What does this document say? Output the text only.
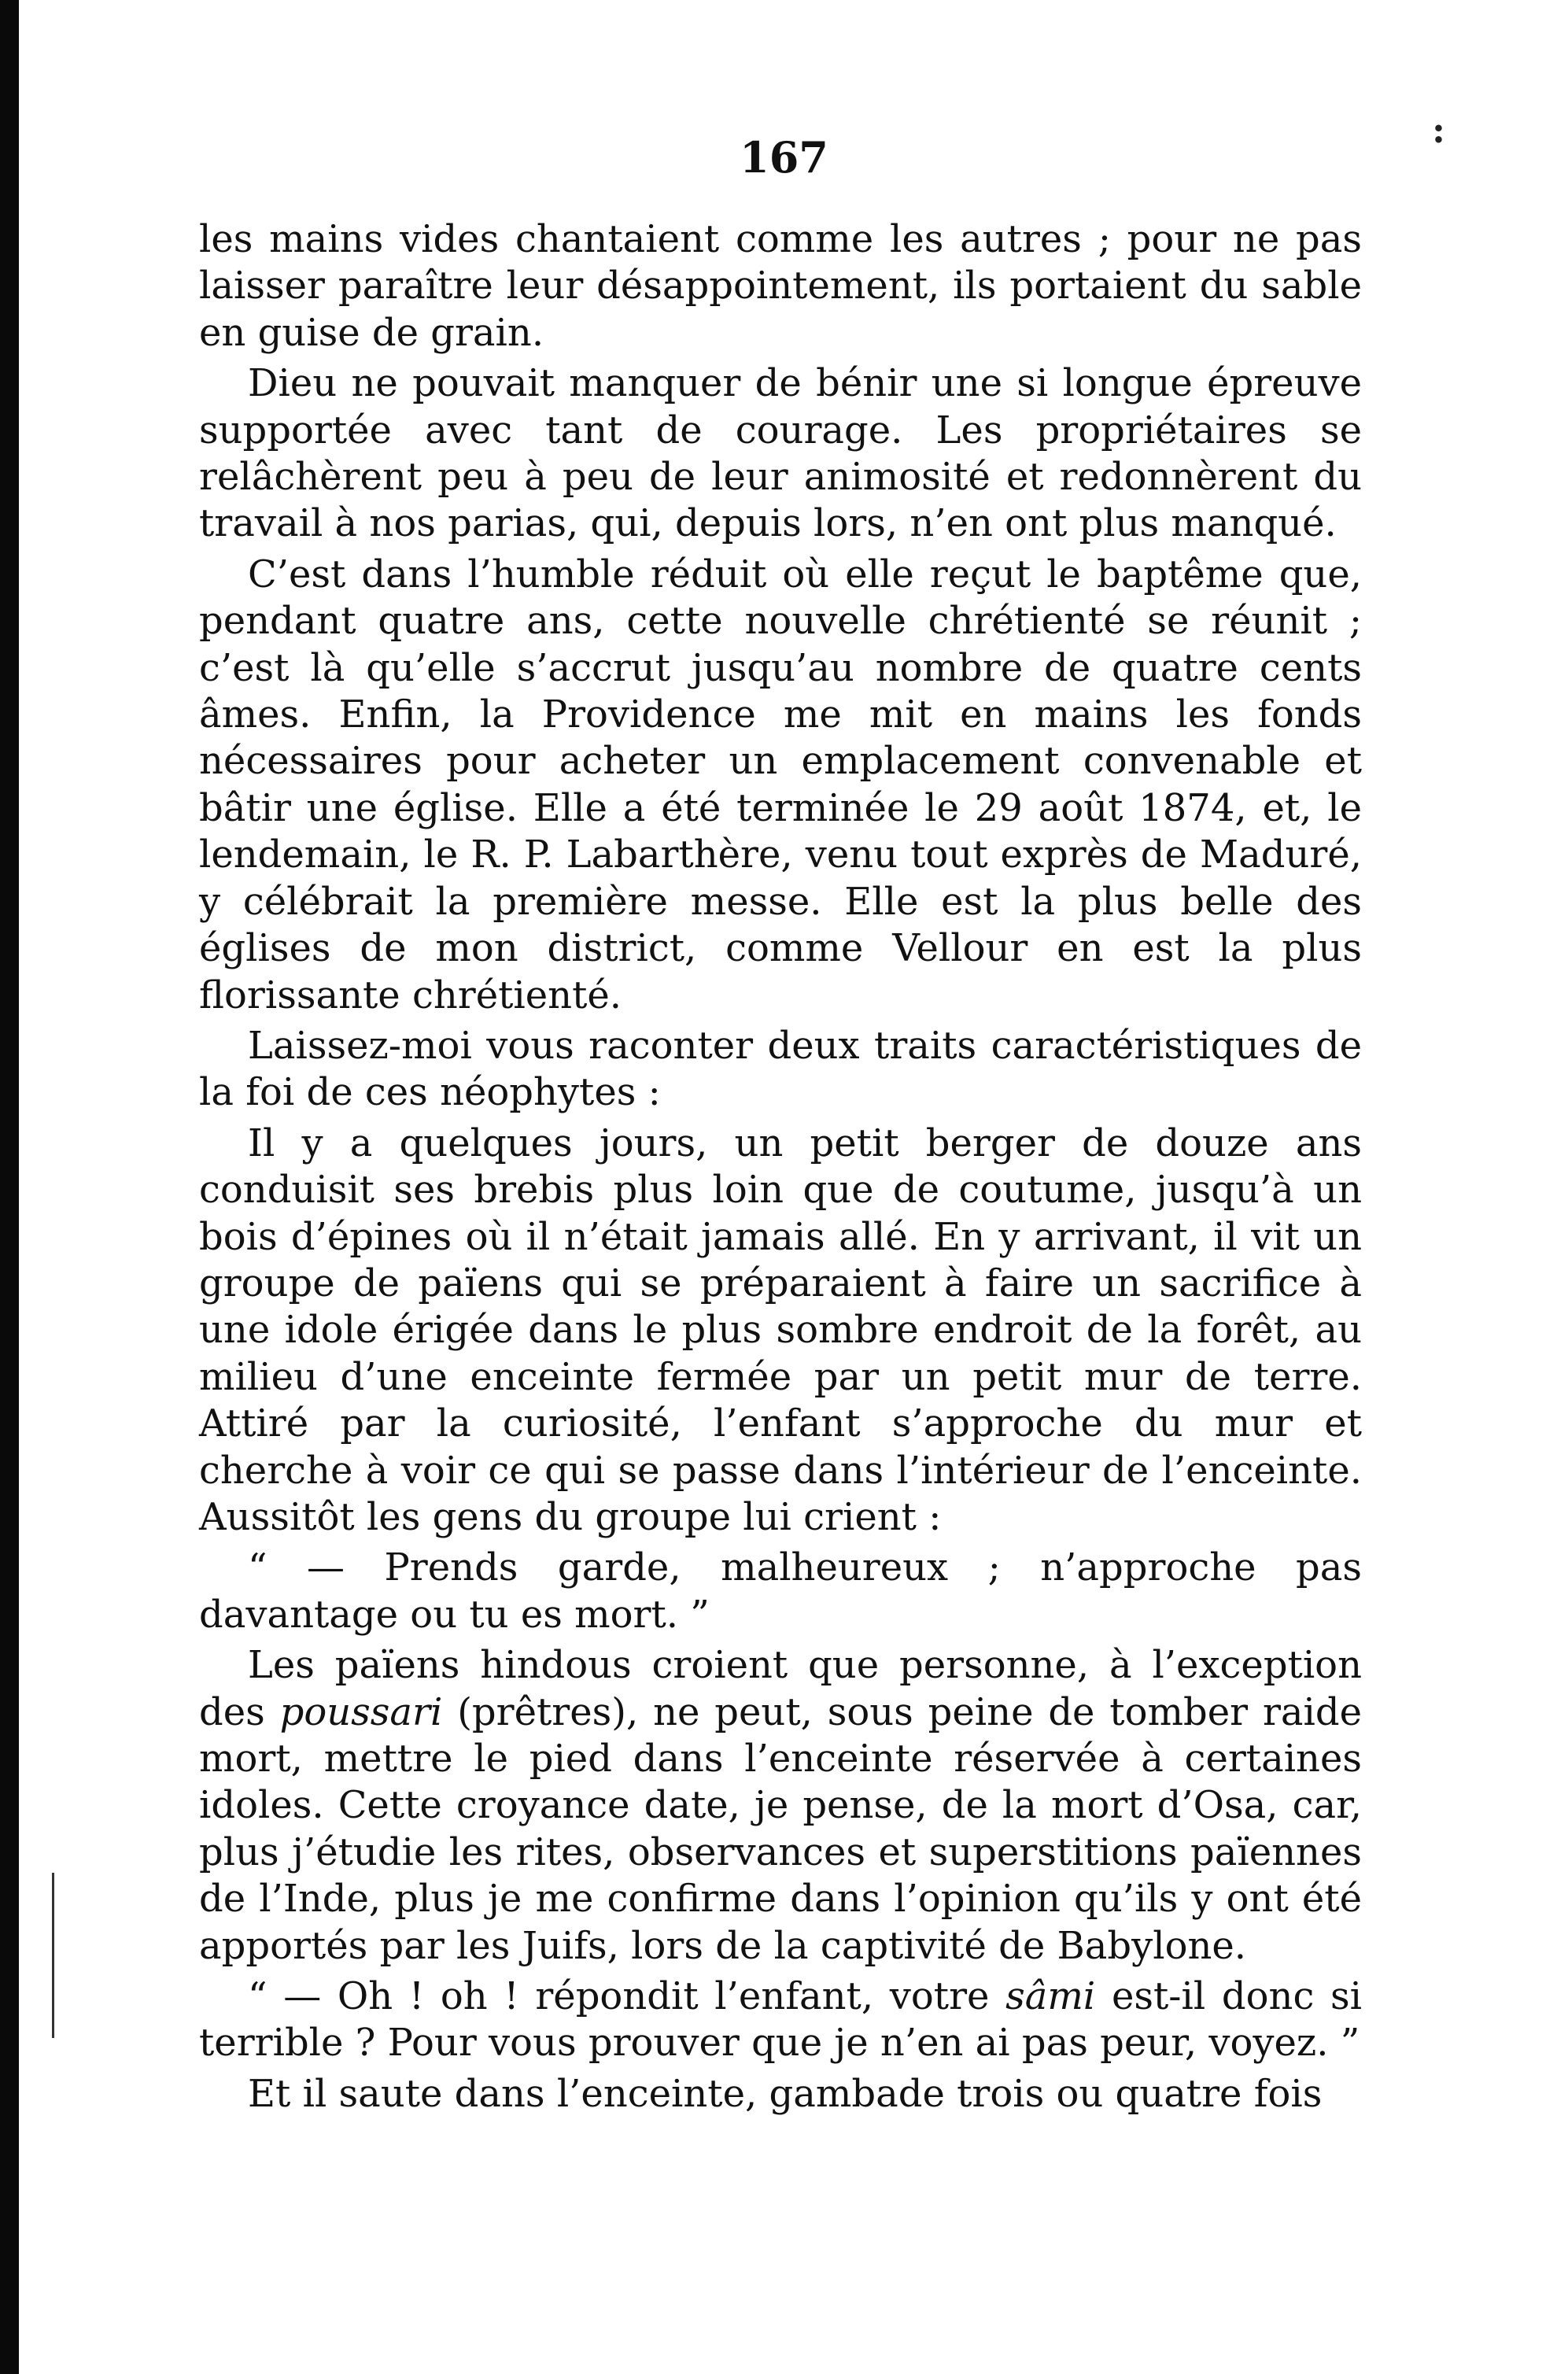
:
167

les mains vides chantaient comme les autres ; pour ne pas laisser paraître leur désappointement, ils portaient du sable en guise de grain.

Dieu ne pouvait manquer de bénir une si longue épreuve supportée avec tant de courage. Les propriétaires se relâchèrent peu à peu de leur animosité et redonnèrent du travail à nos parias, qui, depuis lors, n’en ont plus manqué.

C’est dans l’humble réduit où elle reçut le baptême que, pendant quatre ans, cette nouvelle chrétienté se réunit ; c’est là qu’elle s’accrut jusqu’au nombre de quatre cents âmes. Enfin, la Providence me mit en mains les fonds nécessaires pour acheter un emplacement convenable et bâtir une église. Elle a été terminée le 29 août 1874, et, le lendemain, le R. P. Labarthère, venu tout exprès de Maduré, y célébrait la première messe. Elle est la plus belle des églises de mon district, comme Vellour en est la plus florissante chrétienté.

Laissez-moi vous raconter deux traits caractéristiques de la foi de ces néophytes :

Il y a quelques jours, un petit berger de douze ans conduisit ses brebis plus loin que de coutume, jusqu’à un bois d’épines où il n’était jamais allé. En y arrivant, il vit un groupe de païens qui se préparaient à faire un sacrifice à une idole érigée dans le plus sombre endroit de la forêt, au milieu d’une enceinte fermée par un petit mur de terre. Attiré par la curiosité, l’enfant s’approche du mur et cherche à voir ce qui se passe dans l’intérieur de l’enceinte. Aussitôt les gens du groupe lui crient :

“ — Prends garde, malheureux ; n’approche pas davantage ou tu es mort. ”

Les païens hindous croient que personne, à l’exception des poussari (prêtres), ne peut, sous peine de tomber raide mort, mettre le pied dans l’enceinte réservée à certaines idoles. Cette croyance date, je pense, de la mort d’Osa, car, plus j’étudie les rites, observances et superstitions païennes de l’Inde, plus je me confirme dans l’opinion qu’ils y ont été apportés par les Juifs, lors de la captivité de Babylone.

“ — Oh ! oh ! répondit l’enfant, votre sâmi est-il donc si terrible ? Pour vous prouver que je n’en ai pas peur, voyez. ”

Et il saute dans l’enceinte, gambade trois ou quatre fois
